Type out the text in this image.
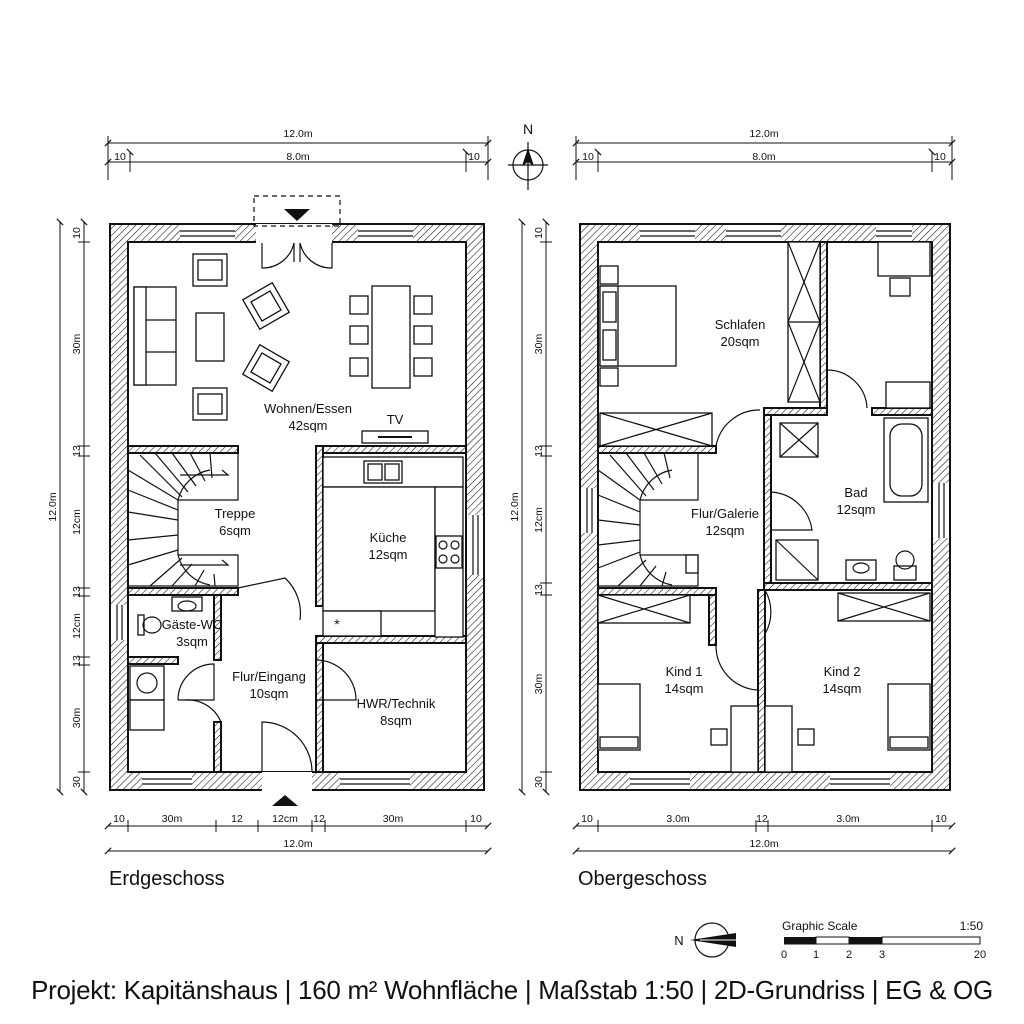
N
*
Wohnen/Essen
42sqm	TV
Treppe
6sqm	Küche
12sqm
Gäste-WC
3sqm
Flur/Eingang
10sqm
HWR/Technik
8sqm
12.0m
8.0m
10	10
10	30m	12	12cm 12	30m	10
12.0m
12.0m
10
30m
13
12cm
13
12cm
13
30m
30
Schlafen
20sqm
Bad
12sqm
Flur/Galerie
12sqm
Kind 1
14sqm
Kind 2
14sqm
12.0m
8.0m
10	10
10	3.0m	12	3.0m	10
12.0m
12.0m
10
30m
13
12cm
13
30m
30
N
Graphic Scale	1:50
0 1 2 3	20
Erdgeschoss	Obergeschoss
Projekt: Kapitänshaus | 160 m² Wohnfläche | Maßstab 1:50 | 2D-Grundriss | EG & OG
